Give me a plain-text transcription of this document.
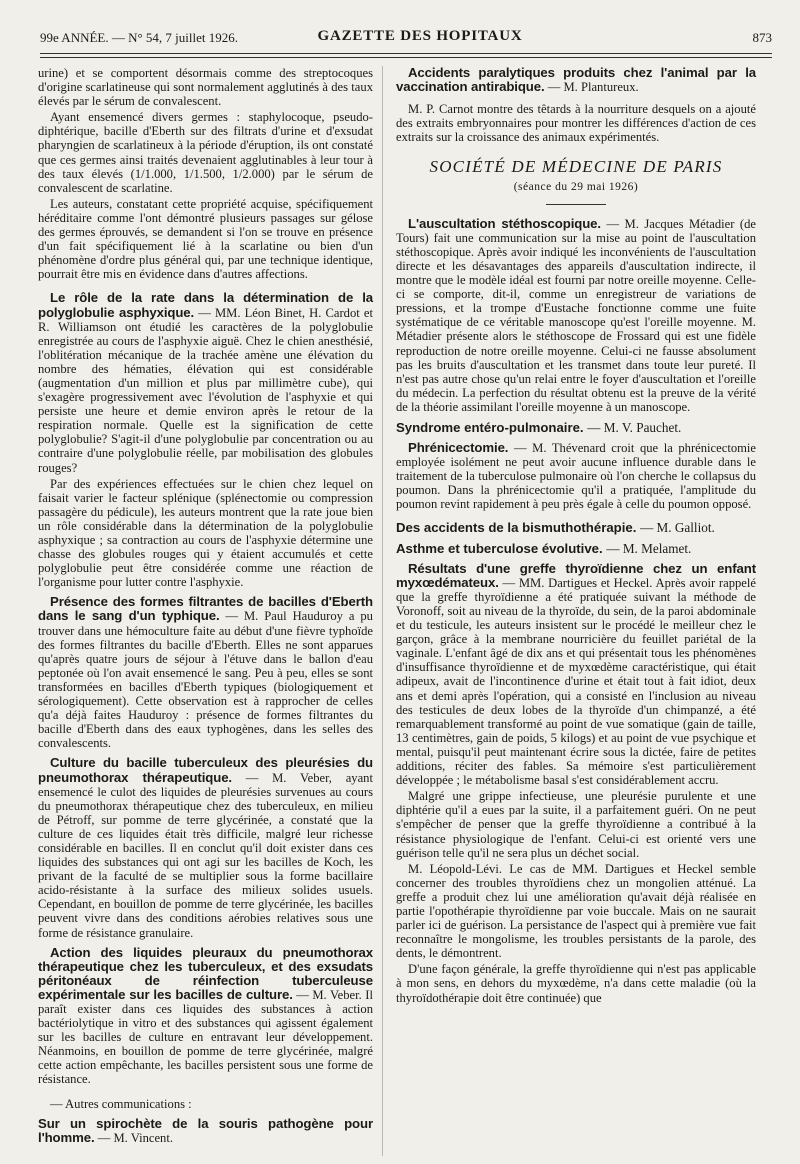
99e ANNÉE. — N° 54, 7 juillet 1926.	GAZETTE DES HOPITAUX	873

urine) et se comportent désormais comme des streptocoques d'origine scarlatineuse qui sont normalement agglutinés à des taux élevés par le sérum de convalescent.

Ayant ensemencé divers germes : staphylocoque, pseudo-diphtérique, bacille d'Eberth sur des filtrats d'urine et d'exsudat pharyngien de scarlatineux à la période d'éruption, ils ont constaté que ces germes ainsi traités devenaient agglutinables à leur tour à des taux élevés (1/1.000, 1/1.500, 1/2.000) par le sérum de convalescent de scarlatine.

Les auteurs, constatant cette propriété acquise, spécifiquement héréditaire comme l'ont démontré plusieurs passages sur gélose des germes éprouvés, se demandent si l'on se trouve en présence d'un fait spécifiquement lié à la scarlatine ou bien d'un phénomène d'ordre plus général qui, par une technique identique, pourrait être mis en évidence dans d'autres affections.

Le rôle de la rate dans la détermination de la polyglobulie asphyxique. — MM. Léon Binet, H. Cardot et R. Williamson ont étudié les caractères de la polyglobulie enregistrée au cours de l'asphyxie aiguë. Chez le chien anesthésié, l'oblitération mécanique de la trachée amène une élévation du nombre des hématies, élévation qui est considérable (augmentation d'un million et plus par millimètre cube), qui s'exagère progressivement avec l'évolution de l'asphyxie et qui persiste une heure et demie environ après le retour de la respiration normale. Quelle est la signification de cette polyglobulie? S'agit-il d'une polyglobulie par concentration ou au contraire d'une polyglobulie réelle, par mobilisation des globules rouges?

Par des expériences effectuées sur le chien chez lequel on faisait varier le facteur splénique (splénectomie ou compression passagère du pédicule), les auteurs montrent que la rate joue bien un rôle considérable dans la détermination de la polyglobulie asphyxique ; sa contraction au cours de l'asphyxie détermine une chasse des globules rouges qui y étaient accumulés et cette polyglobulie peut être considérée comme une réaction de l'organisme pour lutter contre l'asphyxie.

Présence des formes filtrantes de bacilles d'Eberth dans le sang d'un typhique. — M. Paul Hauduroy a pu trouver dans une hémoculture faite au début d'une fièvre typhoïde des formes filtrantes du bacille d'Eberth. Elles ne sont apparues qu'après quatre jours de séjour à l'étuve dans le ballon d'eau peptonée où l'on avait ensemencé le sang. Peu à peu, elles se sont transformées en bacilles d'Eberth typiques (biologiquement et sérologiquement). Cette observation est à rapprocher de celles qu'a déjà faites Hauduroy : présence de formes filtrantes du bacille d'Eberth dans des eaux typhogènes, dans les selles des convalescents.

Culture du bacille tuberculeux des pleurésies du pneumothorax thérapeutique. — M. Veber, ayant ensemencé le culot des liquides de pleurésies survenues au cours du pneumothorax thérapeutique chez des tuberculeux, en milieu de Pétroff, sur pomme de terre glycérinée, a constaté que la culture de ces liquides était très difficile, malgré leur richesse considérable en bacilles. Il en conclut qu'il doit exister dans ces liquides des substances qui ont agi sur les bacilles de Koch, les privant de la faculté de se multiplier sous la forme bacillaire acido-résistante à la surface des milieux solides usuels. Cependant, en bouillon de pomme de terre glycérinée, les bacilles peuvent vivre dans des conditions aérobies relatives sous une forme de résistance granulaire.

Action des liquides pleuraux du pneumothorax thérapeutique chez les tuberculeux, et des exsudats péritonéaux de réinfection tuberculeuse expérimentale sur les bacilles de culture. — M. Veber. Il paraît exister dans ces liquides des substances à action bactériolytique in vitro et des substances qui agissent également sur les bacilles de culture en entravant leur développement. Néanmoins, en bouillon de pomme de terre glycérinée, malgré cette action empêchante, les bacilles persistent sous une forme de résistance.

— Autres communications :

Sur un spirochète de la souris pathogène pour l'homme. — M. Vincent.

Accidents paralytiques produits chez l'animal par la vaccination antirabique. — M. Plantureux.

M. P. Carnot montre des têtards à la nourriture desquels on a ajouté des extraits embryonnaires pour montrer les différences d'action de ces extraits sur la croissance des animaux expérimentés.

SOCIÉTÉ DE MÉDECINE DE PARIS
(séance du 29 mai 1926)

L'auscultation stéthoscopique. — M. Jacques Métadier (de Tours) fait une communication sur la mise au point de l'auscultation stéthoscopique. Après avoir indiqué les inconvénients de l'auscultation directe et les désavantages des appareils d'auscultation indirecte, il montre que le modèle idéal est fourni par notre oreille moyenne. Celle-ci se comporte, dit-il, comme un enregistreur de variations de pressions, et la trompe d'Eustache fonctionne comme une fuite systématique de ce véritable manoscope qu'est l'oreille moyenne. M. Métadier présente alors le stéthoscope de Frossard qui est une fidèle reproduction de notre oreille moyenne. Celui-ci ne fausse absolument pas les bruits d'auscultation et les transmet dans toute leur pureté. Il n'est pas autre chose qu'un relai entre le foyer d'auscultation et l'oreille du médecin. La perfection du résultat obtenu est la preuve de la vérité de la théorie assimilant l'oreille moyenne à un manoscope.

Syndrome entéro-pulmonaire. — M. V. Pauchet.

Phrénicectomie. — M. Thévenard croit que la phrénicectomie employée isolément ne peut avoir aucune influence durable dans le traitement de la tuberculose pulmonaire où l'on cherche le collapsus du poumon. Dans la phrénicectomie qu'il a pratiquée, l'amplitude du poumon revint rapidement à peu près égale à celle du poumon opposé.

Des accidents de la bismuthothérapie. — M. Galliot.
Asthme et tuberculose évolutive. — M. Melamet.

Résultats d'une greffe thyroïdienne chez un enfant myxœdémateux. — MM. Dartigues et Heckel. Après avoir rappelé que la greffe thyroïdienne a été pratiquée suivant la méthode de Voronoff, soit au niveau de la thyroïde, du sein, de la paroi abdominale et du testicule, les auteurs insistent sur le procédé le meilleur chez le garçon, grâce à la membrane nourricière du feuillet pariétal de la vaginale. L'enfant âgé de dix ans et qui présentait tous les phénomènes d'insuffisance thyroïdienne et de myxœdème caractéristique, qui était adipeux, avait de l'incontinence d'urine et était tout à fait idiot, deux ans et demi après l'opération, qui a consisté en l'inclusion au niveau des testicules de deux lobes de la thyroïde d'un chimpanzé, a été remarquablement transformé au point de vue somatique (gain de taille, 13 centimètres, gain de poids, 5 kilogs) et au point de vue psychique et mental, puisqu'il peut maintenant écrire sous la dictée, faire de petites additions, réciter des fables. Sa mémoire s'est particulièrement développée ; le métabolisme basal s'est considérablement accru.

Malgré une grippe infectieuse, une pleurésie purulente et une diphtérie qu'il a eues par la suite, il a parfaitement guéri. On ne peut s'empêcher de penser que la greffe thyroïdienne a contribué à la résistance physiologique de l'enfant. Celui-ci est orienté vers une guérison telle qu'il ne sera plus un déchet social.

M. Léopold-Lévi. Le cas de MM. Dartigues et Heckel semble concerner des troubles thyroïdiens chez un mongolien atténué. La greffe a produit chez lui une amélioration qu'avait déjà réalisée en partie l'opothérapie thyroïdienne par voie buccale. Mais on ne saurait parler ici de guérison. La persistance de l'aspect qui à première vue fait reconnaître le mongolisme, les troubles persistants de la parole, des dents, le démontrent.

D'une façon générale, la greffe thyroïdienne qui n'est pas applicable à mon sens, en dehors du myxœdème, n'a dans cette maladie (où la thyroïdothérapie doit être continuée) que
